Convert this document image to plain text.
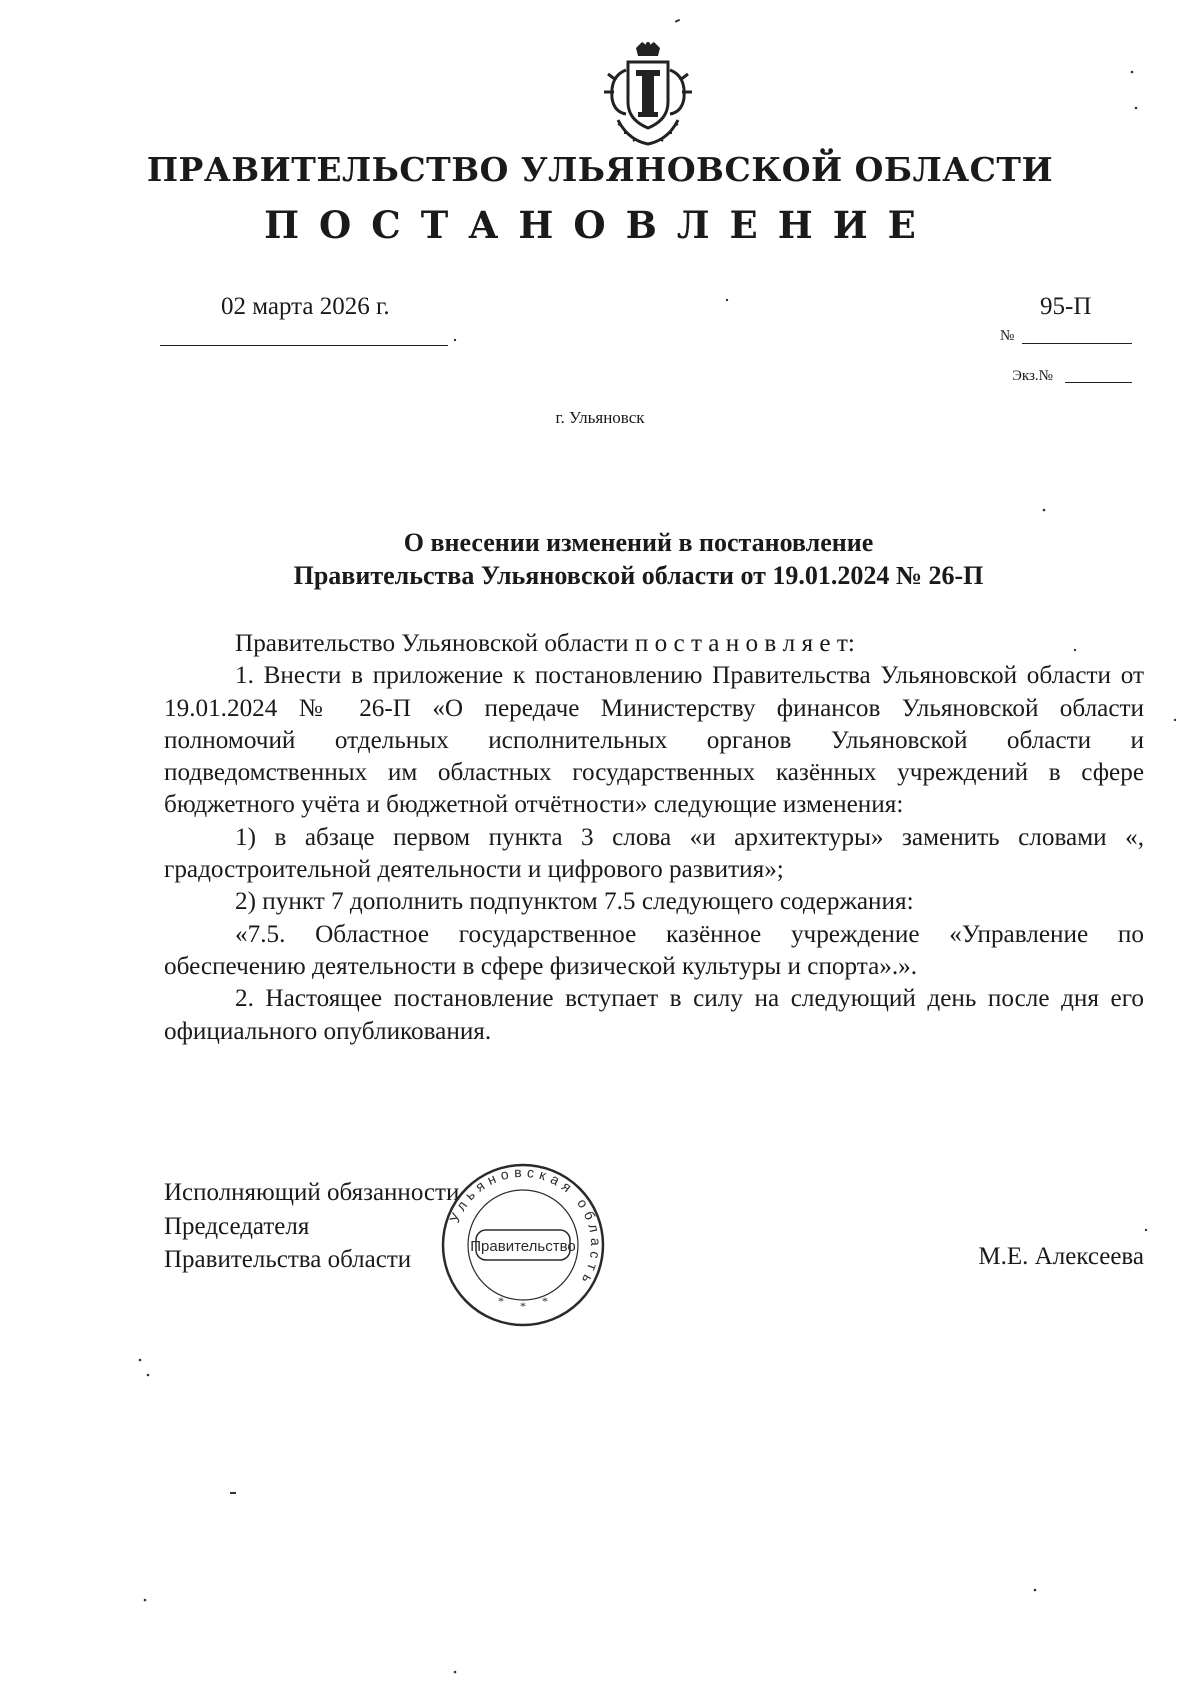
ПРАВИТЕЛЬСТВО УЛЬЯНОВСКОЙ ОБЛАСТИ
ПОСТАНОВЛЕНИЕ
02 марта 2026 г.	95-П
№
Экз.№
г. Ульяновск
О внесении изменений в постановление
Правительства Ульяновской области от 19.01.2024 № 26-П

Правительство Ульяновской области п о с т а н о в л я е т:

1. Внести в приложение к постановлению Правительства Ульяновской области от 19.01.2024 № 26-П «О передаче Министерству финансов Ульяновской области полномочий отдельных исполнительных органов Ульяновской области и подведомственных им областных государственных казённых учреждений в сфере бюджетного учёта и бюджетной отчётности» следующие изменения:

1) в абзаце первом пункта 3 слова «и архитектуры» заменить словами «, градостроительной деятельности и цифрового развития»;

2) пункт 7 дополнить подпунктом 7.5 следующего содержания:

«7.5. Областное государственное казённое учреждение «Управление по обеспечению деятельности в сфере физической культуры и спорта».».

2. Настоящее постановление вступает в силу на следующий день после дня его официального опубликования.

Исполняющий обязанности
Председателя
Правительства области	М.Е. Алексеева
Правительство
Ульяновская область
* * *
